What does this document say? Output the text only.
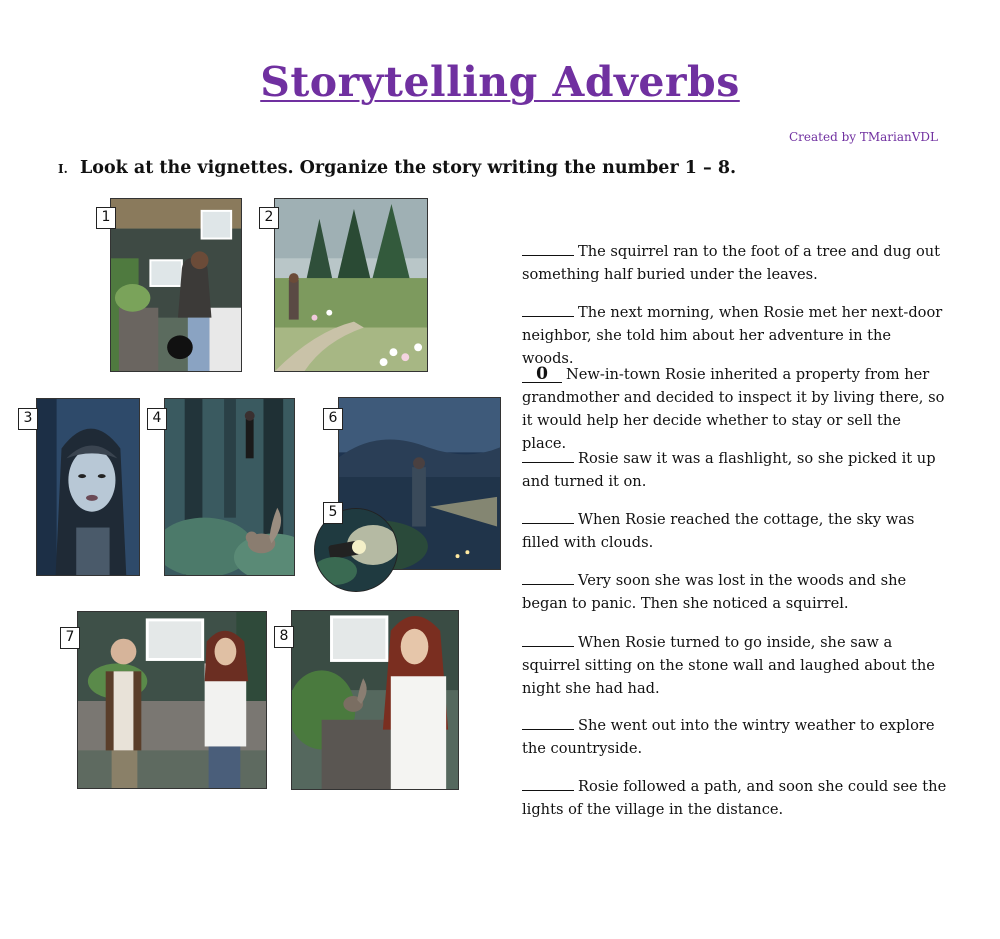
Storytelling Adverbs
Created by TMarianVDL
I. Look at the vignettes. Organize the story writing the number 1 – 8.
1	2
3	4	6
5
7	8
The squirrel ran to the foot of a tree and dug out something half buried under the leaves.
The next morning, when Rosie met her next-door neighbor, she told him about her adventure in the woods.
0 New-in-town Rosie inherited a property from her grandmother and decided to inspect it by living there, so it would help her decide whether to stay or sell the place.
Rosie saw it was a flashlight, so she picked it up and turned it on.
When Rosie reached the cottage, the sky was filled with clouds.
Very soon she was lost in the woods and she began to panic. Then she noticed a squirrel.
When Rosie turned to go inside, she saw a squirrel sitting on the stone wall and laughed about the night she had had.
She went out into the wintry weather to explore the countryside.
Rosie followed a path, and soon she could see the lights of the village in the distance.
